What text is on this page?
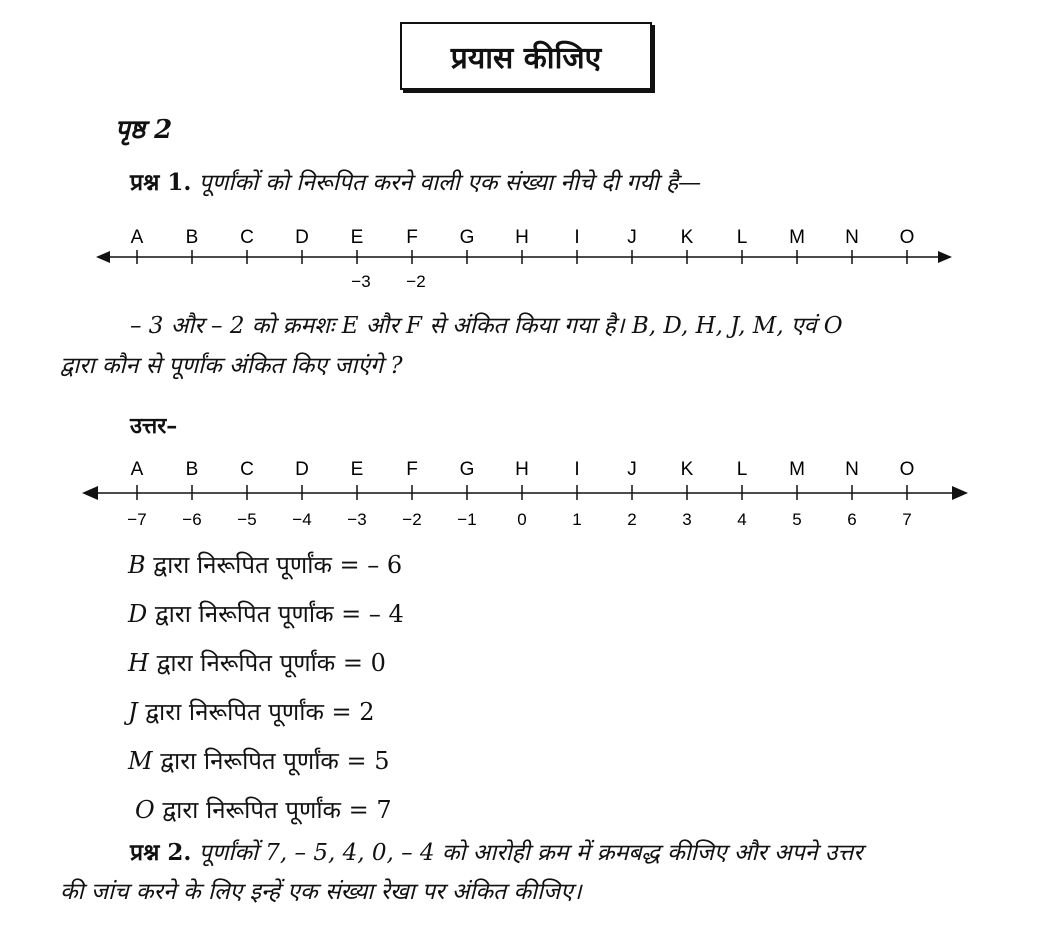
प्रयास कीजिए
पृष्ठ 2
प्रश्न 1. पूर्णांकों को निरूपित करने वाली एक संख्या नीचे दी गयी है—
A B C D E
−3
F
−2
G H I	J K L M N O
– 3 और – 2 को क्रमशः E और F से अंकित किया गया है। B, D, H, J, M, एवं O
द्वारा कौन से पूर्णांक अंकित किए जाएंगे ?
उत्तर–
A
−7
B
−6
C
−5
D
−4
E
−3
F
−2
G
−1
H
0
I
1
J
2
K
3
L
4
M
5
N
6
O
7
B द्वारा निरूपित पूर्णांक = – 6
D द्वारा निरूपित पूर्णांक = – 4
H द्वारा निरूपित पूर्णांक = 0
J द्वारा निरूपित पूर्णांक = 2
M द्वारा निरूपित पूर्णांक = 5
O द्वारा निरूपित पूर्णांक = 7
प्रश्न 2. पूर्णांकों 7, – 5, 4, 0, – 4 को आरोही क्रम में क्रमबद्ध कीजिए और अपने उत्तर
की जांच करने के लिए इन्हें एक संख्या रेखा पर अंकित कीजिए।
